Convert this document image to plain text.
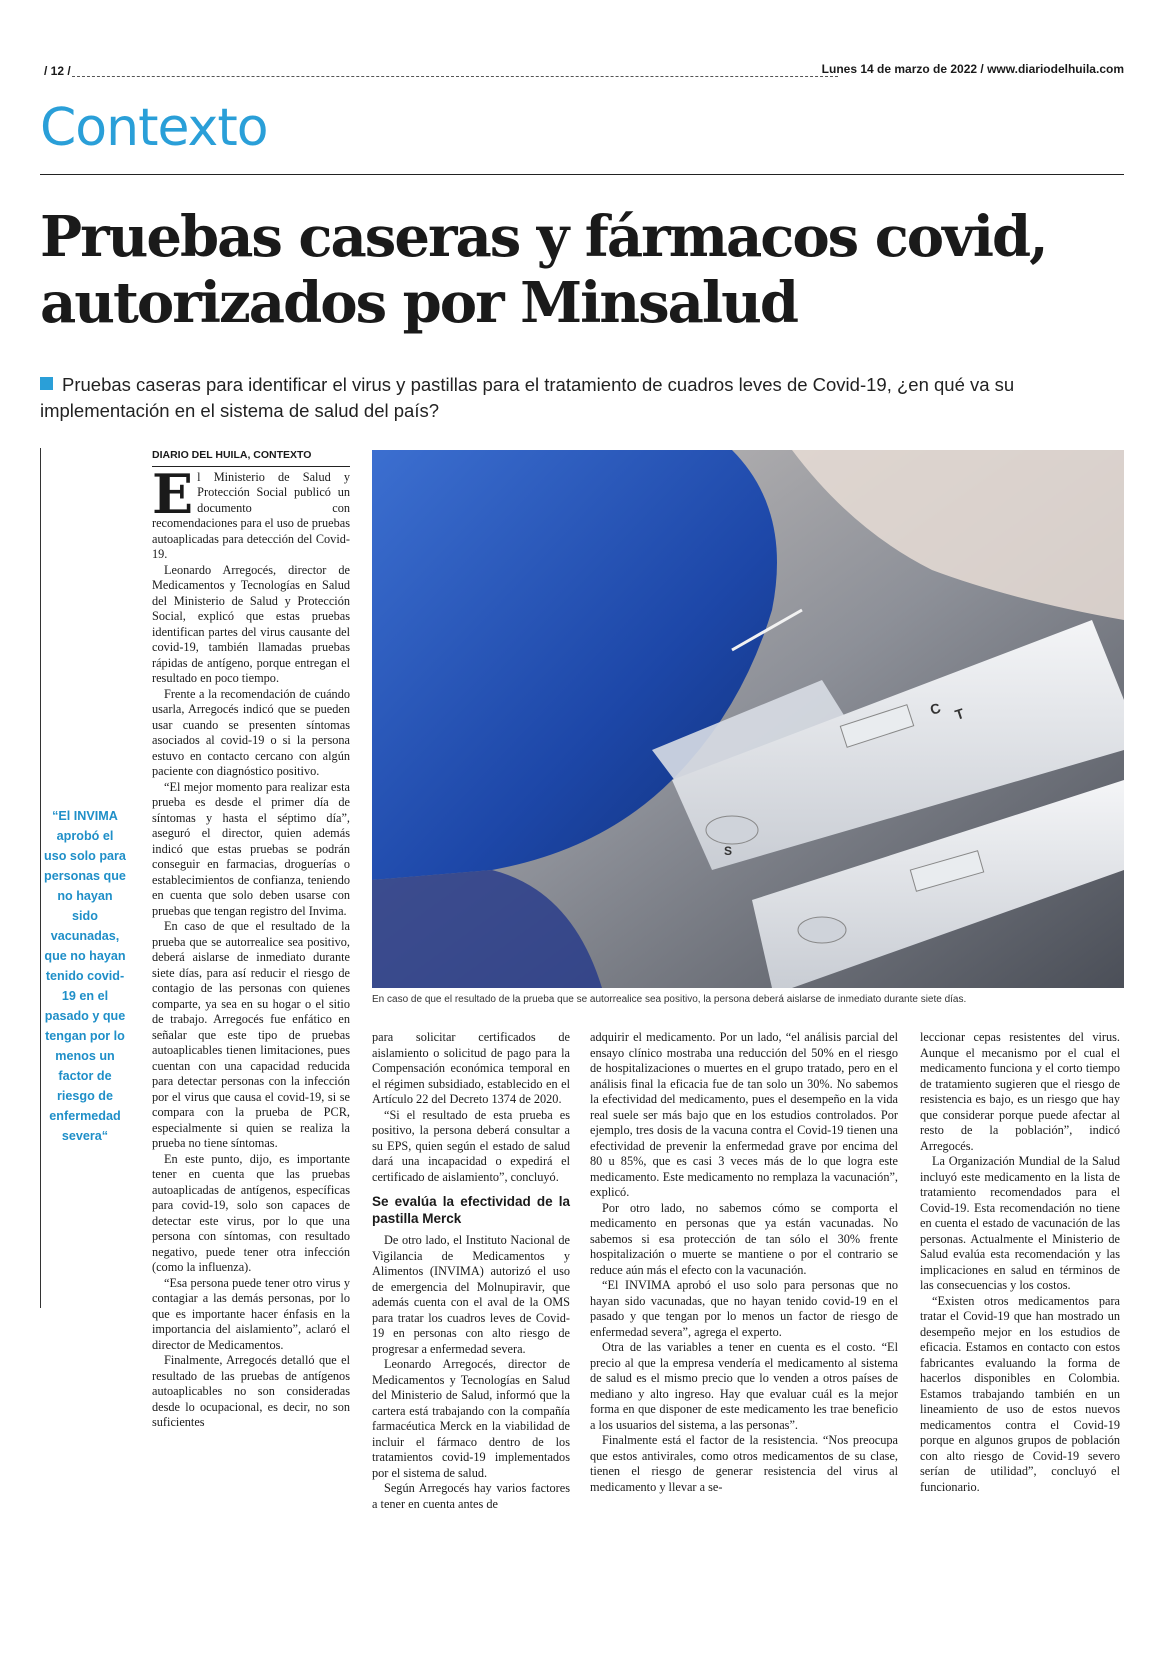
/ 12 /	Lunes 14 de marzo de 2022 / www.diariodelhuila.com
Contexto
Pruebas caseras y fármacos covid,
autorizados por Minsalud
Pruebas caseras para identificar el virus y pastillas para el tratamiento de cuadros leves de Covid-19, ¿en qué va su implementación en el sistema de salud del país?
“El INVIMA aprobó el uso solo para personas que no hayan sido vacunadas, que no hayan tenido covid-19 en el pasado y que tengan por lo menos un factor de riesgo de enfermedad severa“
DIARIO DEL HUILA, CONTEXTO

El Ministerio de Salud y Protección Social publicó un documento con recomendaciones para el uso de pruebas autoaplicadas para detección del Covid-19.

Leonardo Arregocés, director de Medicamentos y Tecnologías en Salud del Ministerio de Salud y Protección Social, explicó que estas pruebas identifican partes del virus causante del covid-19, también llamadas pruebas rápidas de antígeno, porque entregan el resultado en poco tiempo.

Frente a la recomendación de cuándo usarla, Arregocés indicó que se pueden usar cuando se presenten síntomas asociados al covid-19 o si la persona estuvo en contacto cercano con algún paciente con diagnóstico positivo.

“El mejor momento para realizar esta prueba es desde el primer día de síntomas y hasta el séptimo día”, aseguró el director, quien además indicó que estas pruebas se podrán conseguir en farmacias, droguerías o establecimientos de confianza, teniendo en cuenta que solo deben usarse con pruebas que tengan registro del Invima.

En caso de que el resultado de la prueba que se autorrealice sea positivo, deberá aislarse de inmediato durante siete días, para así reducir el riesgo de contagio de las personas con quienes comparte, ya sea en su hogar o el sitio de trabajo. Arregocés fue enfático en señalar que este tipo de pruebas autoaplicables tienen limitaciones, pues cuentan con una capacidad reducida para detectar personas con la infección por el virus que causa el covid-19, si se compara con la prueba de PCR, especialmente si quien se realiza la prueba no tiene síntomas.

En este punto, dijo, es importante tener en cuenta que las pruebas autoaplicadas de antígenos, específicas para covid-19, solo son capaces de detectar este virus, por lo que una persona con síntomas, con resultado negativo, puede tener otra infección (como la influenza).

“Esa persona puede tener otro virus y contagiar a las demás personas, por lo que es importante hacer énfasis en la importancia del aislamiento”, aclaró el director de Medicamentos.

Finalmente, Arregocés detalló que el resultado de las pruebas de antígenos autoaplicables no son consideradas desde lo ocupacional, es decir, no son suficientes

C T
S
En caso de que el resultado de la prueba que se autorrealice sea positivo, la persona deberá aislarse de inmediato durante siete días.

para solicitar certificados de aislamiento o solicitud de pago para la Compensación económica temporal en el régimen subsidiado, establecido en el Artículo 22 del Decreto 1374 de 2020.

“Si el resultado de esta prueba es positivo, la persona deberá consultar a su EPS, quien según el estado de salud dará una incapacidad o expedirá el certificado de aislamiento”, concluyó.

Se evalúa la efectividad de la pastilla Merck

De otro lado, el Instituto Nacional de Vigilancia de Medicamentos y Alimentos (INVIMA) autorizó el uso de emergencia del Molnupiravir, que además cuenta con el aval de la OMS para tratar los cuadros leves de Covid-19 en personas con alto riesgo de progresar a enfermedad severa.

Leonardo Arregocés, director de Medicamentos y Tecnologías en Salud del Ministerio de Salud, informó que la cartera está trabajando con la compañía farmacéutica Merck en la viabilidad de incluir el fármaco dentro de los tratamientos covid-19 implementados por el sistema de salud.

Según Arregocés hay varios factores a tener en cuenta antes de

adquirir el medicamento. Por un lado, “el análisis parcial del ensayo clínico mostraba una reducción del 50% en el riesgo de hospitalizaciones o muertes en el grupo tratado, pero en el análisis final la eficacia fue de tan solo un 30%. No sabemos la efectividad del medicamento, pues el desempeño en la vida real suele ser más bajo que en los estudios controlados. Por ejemplo, tres dosis de la vacuna contra el Covid-19 tienen una efectividad de prevenir la enfermedad grave por encima del 80 u 85%, que es casi 3 veces más de lo que logra este medicamento. Este medicamento no remplaza la vacunación”, explicó.

Por otro lado, no sabemos cómo se comporta el medicamento en personas que ya están vacunadas. No sabemos si esa protección de tan sólo el 30% frente hospitalización o muerte se mantiene o por el contrario se reduce aún más el efecto con la vacunación.

“El INVIMA aprobó el uso solo para personas que no hayan sido vacunadas, que no hayan tenido covid-19 en el pasado y que tengan por lo menos un factor de riesgo de enfermedad severa”, agrega el experto.

Otra de las variables a tener en cuenta es el costo. “El precio al que la empresa vendería el medicamento al sistema de salud es el mismo precio que lo venden a otros países de mediano y alto ingreso. Hay que evaluar cuál es la mejor forma en que disponer de este medicamento les trae beneficio a los usuarios del sistema, a las personas”.

Finalmente está el factor de la resistencia. “Nos preocupa que estos antivirales, como otros medicamentos de su clase, tienen el riesgo de generar resistencia del virus al medicamento y llevar a se-

leccionar cepas resistentes del virus. Aunque el mecanismo por el cual el medicamento funciona y el corto tiempo de tratamiento sugieren que el riesgo de resistencia es bajo, es un riesgo que hay que considerar porque puede afectar al resto de la población”, indicó Arregocés.

La Organización Mundial de la Salud incluyó este medicamento en la lista de tratamiento recomendados para el Covid-19. Esta recomendación no tiene en cuenta el estado de vacunación de las personas. Actualmente el Ministerio de Salud evalúa esta recomendación y las implicaciones en salud en términos de las consecuencias y los costos.

“Existen otros medicamentos para tratar el Covid-19 que han mostrado un desempeño mejor en los estudios de eficacia. Estamos en contacto con estos fabricantes evaluando la forma de hacerlos disponibles en Colombia. Estamos trabajando también en un lineamiento de uso de estos nuevos medicamentos contra el Covid-19 porque en algunos grupos de población con alto riesgo de Covid-19 severo serían de utilidad”, concluyó el funcionario.
